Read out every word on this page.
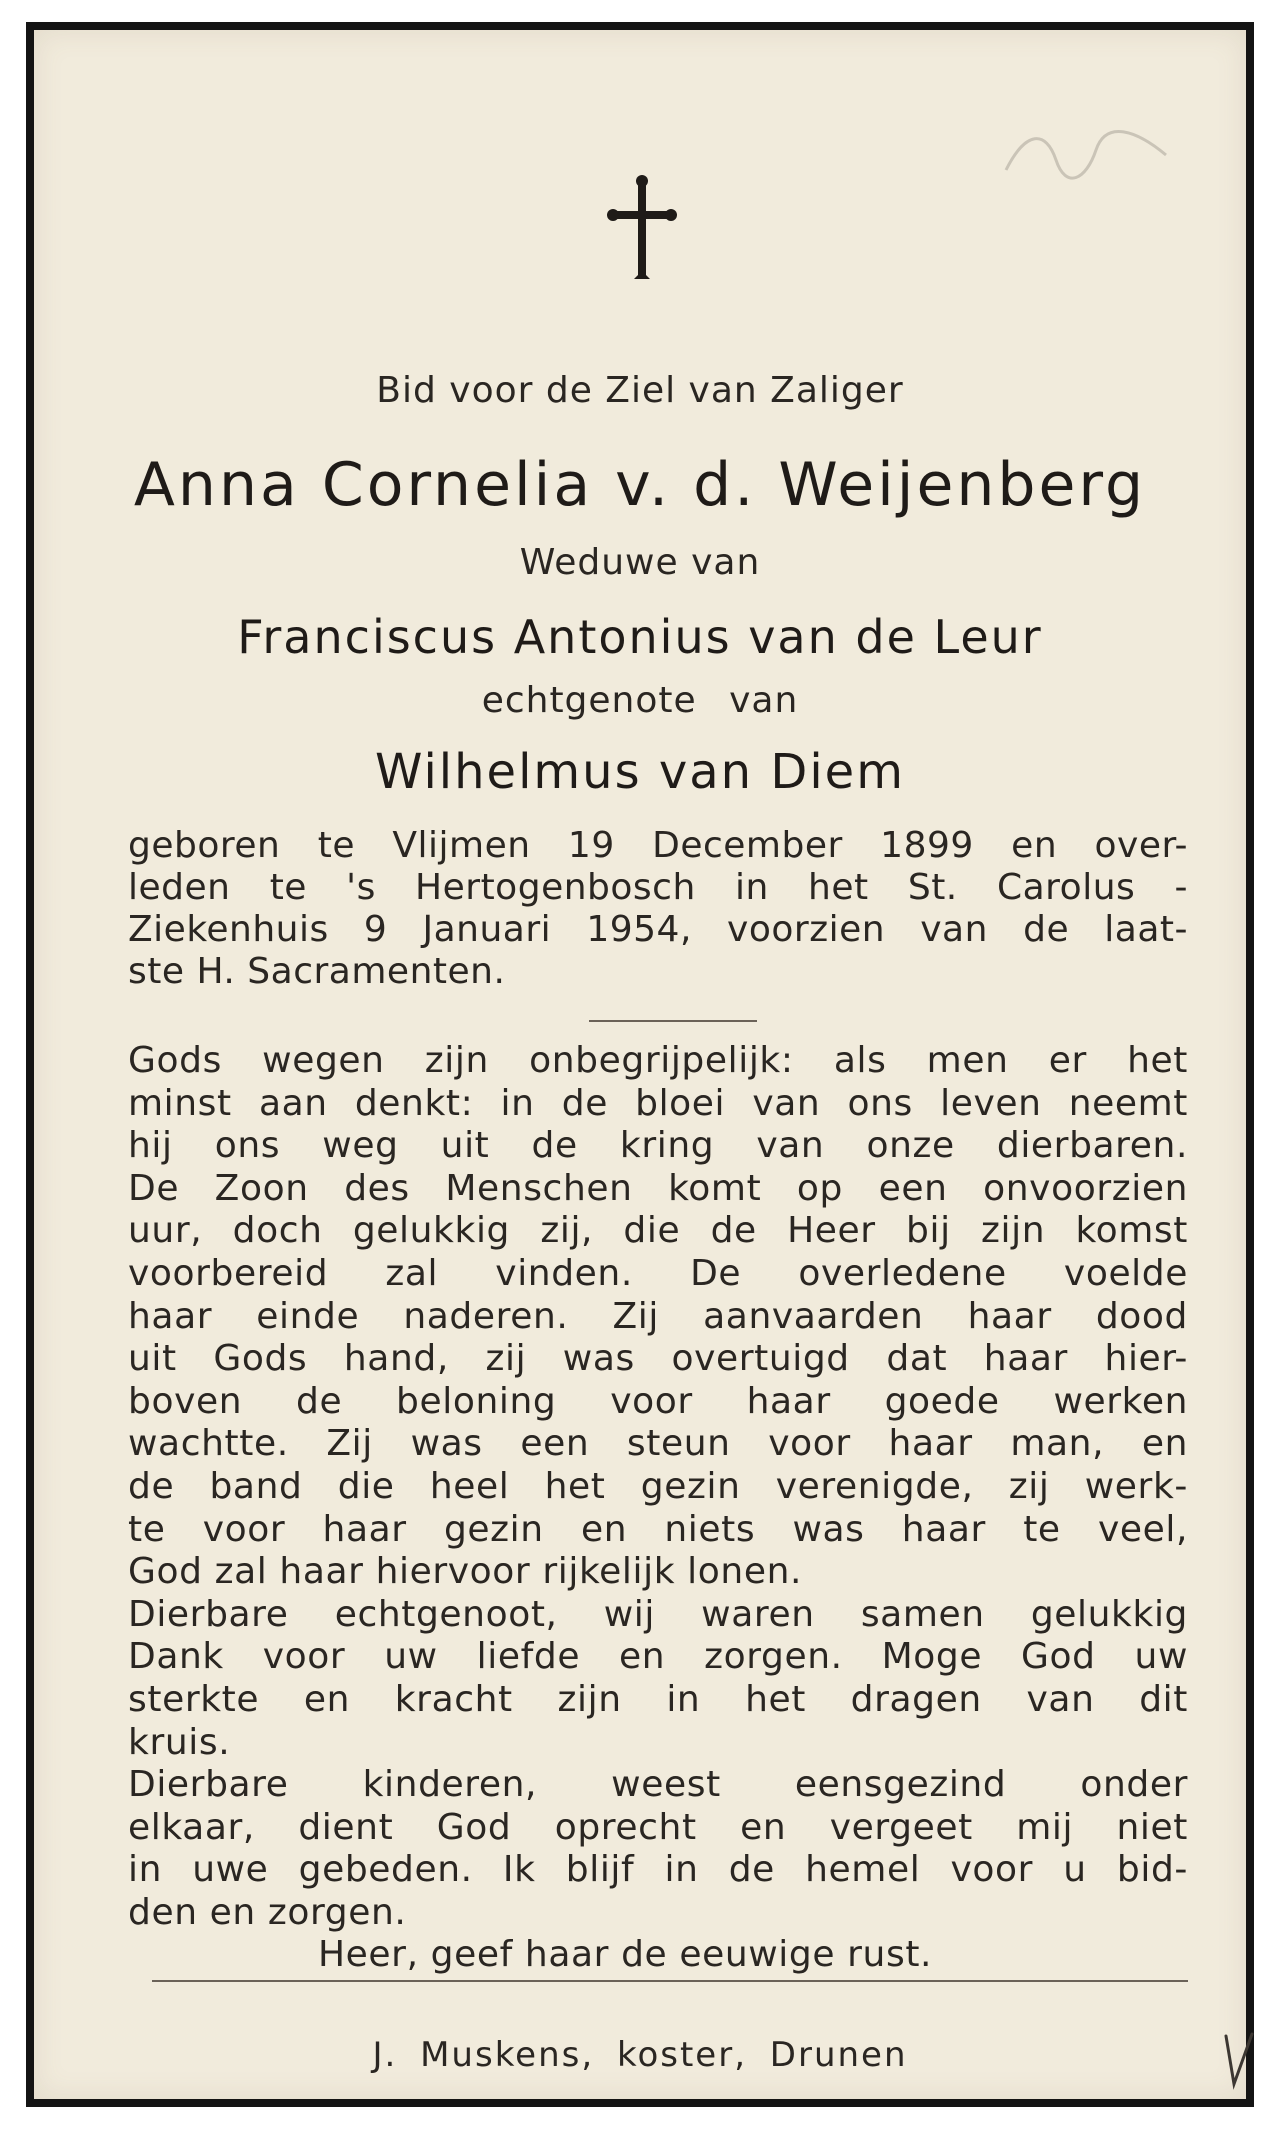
Bid voor de Ziel van Zaliger
Anna Cornelia v. d. Weijenberg
Weduwe van
Franciscus Antonius van de Leur
echtgenote van
Wilhelmus van Diem
geboren te Vlijmen 19 December 1899 en over-
leden te 's Hertogenbosch in het St. Carolus -
Ziekenhuis 9 Januari 1954, voorzien van de laat-
ste H. Sacramenten.
Gods wegen zijn onbegrijpelijk: als men er het
minst aan denkt: in de bloei van ons leven neemt
hij ons weg uit de kring van onze dierbaren.
De Zoon des Menschen komt op een onvoorzien
uur, doch gelukkig zij, die de Heer bij zijn komst
voorbereid zal vinden. De overledene voelde
haar einde naderen. Zij aanvaarden haar dood
uit Gods hand, zij was overtuigd dat haar hier-
boven de beloning voor haar goede werken
wachtte. Zij was een steun voor haar man, en
de band die heel het gezin verenigde, zij werk-
te voor haar gezin en niets was haar te veel,
God zal haar hiervoor rijkelijk lonen.
Dierbare echtgenoot, wij waren samen gelukkig
Dank voor uw liefde en zorgen. Moge God uw
sterkte en kracht zijn in het dragen van dit
kruis.
Dierbare kinderen, weest eensgezind onder
elkaar, dient God oprecht en vergeet mij niet
in uwe gebeden. Ik blijf in de hemel voor u bid-
den en zorgen.
Heer, geef haar de eeuwige rust.
J. Muskens, koster, Drunen
